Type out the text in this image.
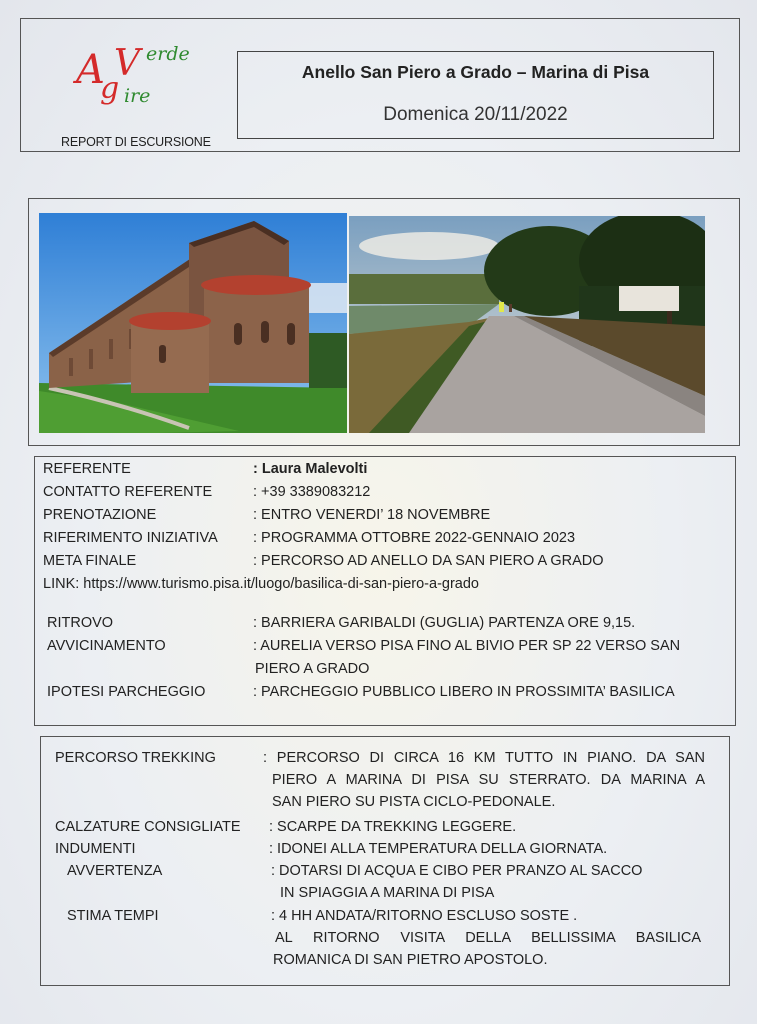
A
g
V erde
ire
REPORT DI ESCURSIONE
Anello San Piero a Grado – Marina di Pisa
Domenica 20/11/2022
REFERENTE	: Laura Malevolti
CONTATTO REFERENTE	: +39 3389083212
PRENOTAZIONE	: ENTRO VENERDI’ 18 NOVEMBRE
RIFERIMENTO INIZIATIVA : PROGRAMMA OTTOBRE 2022-GENNAIO 2023
META FINALE	: PERCORSO AD ANELLO DA SAN PIERO A GRADO
LINK: https://www.turismo.pisa.it/luogo/basilica-di-san-piero-a-grado
RITROVO	: BARRIERA GARIBALDI (GUGLIA) PARTENZA ORE 9,15.
AVVICINAMENTO	: AURELIA VERSO PISA FINO AL BIVIO PER SP 22 VERSO SAN
PIERO A GRADO
IPOTESI PARCHEGGIO	: PARCHEGGIO PUBBLICO LIBERO IN PROSSIMITA’ BASILICA
PERCORSO TREKKING	: PERCORSO DI CIRCA 16 KM TUTTO IN PIANO. DA SAN
PIERO A MARINA DI PISA SU STERRATO. DA MARINA A
SAN PIERO SU PISTA CICLO-PEDONALE.
CALZATURE CONSIGLIATE : SCARPE DA TREKKING LEGGERE.
INDUMENTI	: IDONEI ALLA TEMPERATURA DELLA GIORNATA.
AVVERTENZA	: DOTARSI DI ACQUA E CIBO PER PRANZO AL SACCO
IN SPIAGGIA A MARINA DI PISA
STIMA TEMPI	: 4 HH ANDATA/RITORNO ESCLUSO SOSTE .
AL RITORNO VISITA DELLA BELLISSIMA BASILICA
ROMANICA DI SAN PIETRO APOSTOLO.
